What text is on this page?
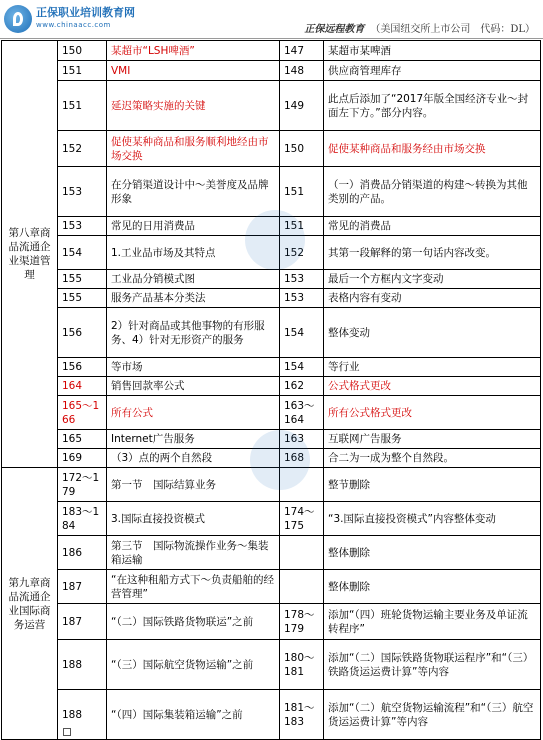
正保职业培训教育网
www.chinaacc.com	正保远程教育 （美国纽交所上市公司　代码：DL）
第八章商品流通企业渠道管理	150	某超市“LSH啤酒”	147	某超市某啤酒
	151	VMI	148	供应商管理库存
	151	延迟策略实施的关键	149	此点后添加了“2017年版全国经济专业～封面左下方。”部分内容。
	152	促使某种商品和服务顺利地经由市场交换	150	促使某种商品和服务经由市场交换
	153	在分销渠道设计中～美誉度及品牌形象	151	（一）消费品分销渠道的构建～转换为其他类别的产品。
	153	常见的日用消费品	151	常见的消费品
	154	1.工业品市场及其特点	152	其第一段解释的第一句话内容改变。
	155	工业品分销模式图	153	最后一个方框内文字变动
	155	服务产品基本分类法	153	表格内容有变动
	156	2）针对商品或其他事物的有形服务、4）针对无形资产的服务	154	整体变动
	156	等市场	154	等行业
	164	销售回款率公式	162	公式格式更改
	165～166	所有公式	163～164	所有公式格式更改
	165	Internet广告服务	163	互联网广告服务
	169	（3）点的两个自然段	168	合二为一成为整个自然段。
第九章商品流通企业国际商务运营	172～179	第一节　国际结算业务		整节删除
	183～184	3.国际直接投资模式	174～175	“3.国际直接投资模式”内容整体变动
	186	第三节　国际物流操作业务～集装箱运输		整体删除
	187	“在这种租船方式下～负责船舶的经营管理”		整体删除
	187	“（二）国际铁路货物联运”之前	178～179	添加“（四）班轮货物运输主要业务及单证流转程序”
	188	“（三）国际航空货物运输”之前	180～181	添加“（二）国际铁路货物联运程序”和“（三）铁路货运运费计算”等内容
	188	“（四）国际集装箱运输”之前	181～183	添加“（二）航空货物运输流程”和“（三）航空货运运费计算”等内容
